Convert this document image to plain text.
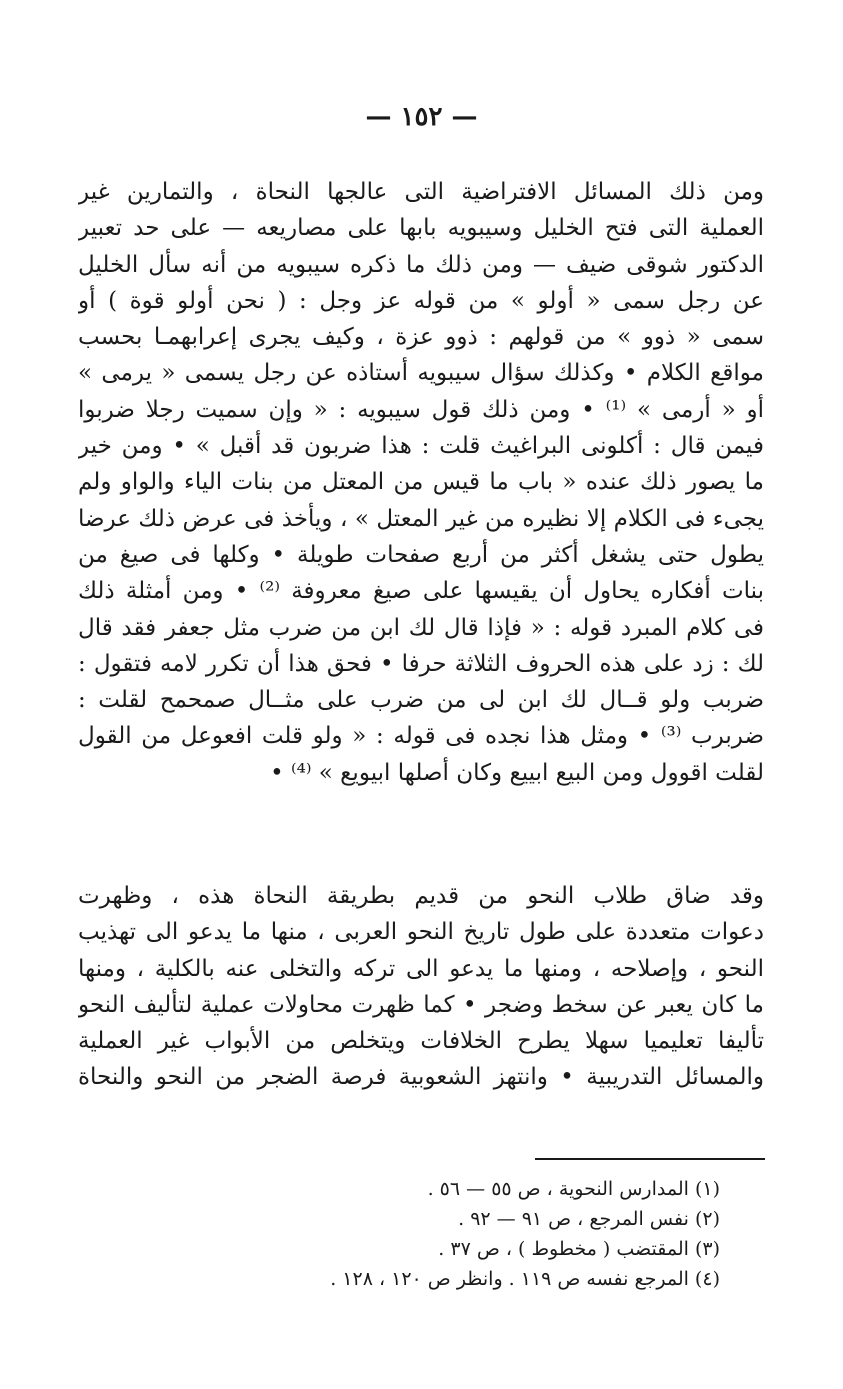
— ١٥٢ —
ومن ذلك المسائل الافتراضية التى عالجها النحاة ، والتمارين غير
العملية التى فتح الخليل وسيبويه بابها على مصاريعه — على حد تعبير
الدكتور شوقى ضيف — ومن ذلك ما ذكره سيبويه من أنه سأل الخليل
عن رجل سمى « أولو » من قوله عز وجل : ( نحن أولو قوة ) أو
سمى « ذوو » من قولهم : ذوو عزة ، وكيف يجرى إعرابهمـا بحسب
مواقع الكلام • وكذلك سؤال سيبويه أستاذه عن رجل يسمى « يرمى »
أو « أرمى » ⁽¹⁾ • ومن ذلك قول سيبويه : « وإن سميت رجلا ضربوا
فيمن قال : أكلونى البراغيث قلت : هذا ضربون قد أقبل » • ومن خير
ما يصور ذلك عنده « باب ما قيس من المعتل من بنات الياء والواو ولم
يجىء فى الكلام إلا نظيره من غير المعتل » ، ويأخذ فى عرض ذلك عرضا
يطول حتى يشغل أكثر من أربع صفحات طويلة • وكلها فى صيغ من
بنات أفكاره يحاول أن يقيسها على صيغ معروفة ⁽²⁾ • ومن أمثلة ذلك
فى كلام المبرد قوله : « فإذا قال لك ابن من ضرب مثل جعفر فقد قال
لك : زد على هذه الحروف الثلاثة حرفا • فحق هذا أن تكرر لامه فتقول :
ضربب ولو قــال لك ابن لى من ضرب على مثــال صمحمح لقلت :
ضربرب ⁽³⁾ • ومثل هذا نجده فى قوله : « ولو قلت افعوعل من القول
لقلت اقوول ومن البيع ابييع وكان أصلها ابيويع » ⁽⁴⁾ •
وقد ضاق طلاب النحو من قديم بطريقة النحاة هذه ، وظهرت
دعوات متعددة على طول تاريخ النحو العربى ، منها ما يدعو الى تهذيب
النحو ، وإصلاحه ، ومنها ما يدعو الى تركه والتخلى عنه بالكلية ، ومنها
ما كان يعبر عن سخط وضجر • كما ظهرت محاولات عملية لتأليف النحو
تأليفا تعليميا سهلا يطرح الخلافات ويتخلص من الأبواب غير العملية
والمسائل التدريبية • وانتهز الشعوبية فرصة الضجر من النحو والنحاة
(١) المدارس النحوية ، ص ٥٥ — ٥٦ .
(٢) نفس المرجع ، ص ٩١ — ٩٢ .
(٣) المقتضب ( مخطوط ) ، ص ٣٧ .
(٤) المرجع نفسه ص ١١٩ . وانظر ص ١٢٠ ، ١٢٨ .
